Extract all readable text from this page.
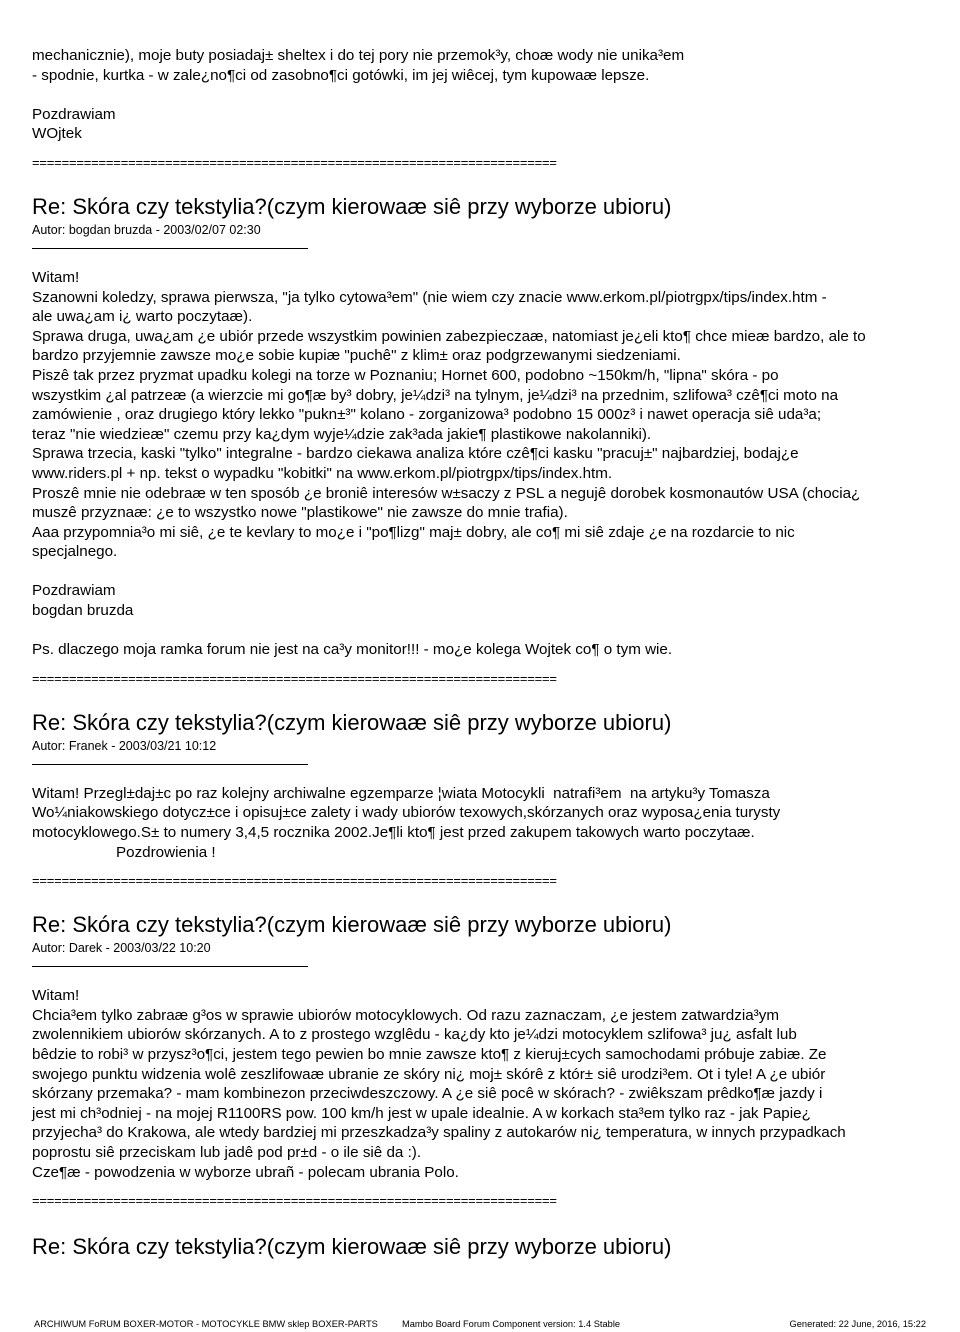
mechanicznie), moje buty posiadaj± sheltex i do tej pory nie przemok³y, choæ wody nie unika³em

- spodnie, kurtka - w zale¿no¶ci od zasobno¶ci gotówki, im jej wiêcej, tym kupowaæ lepsze.

Pozdrawiam

WOjtek

=======================================================================

Re: Skóra czy tekstylia?(czym kierowaæ siê przy wyborze ubioru)

Autor: bogdan bruzda - 2003/02/07 02:30

Witam!

Szanowni koledzy, sprawa pierwsza, "ja tylko cytowa³em" (nie wiem czy znacie www.erkom.pl/piotrgpx/tips/index.htm -

ale uwa¿am i¿ warto poczytaæ).

Sprawa druga, uwa¿am ¿e ubiór przede wszystkim powinien zabezpieczaæ, natomiast je¿eli kto¶ chce mieæ bardzo, ale to

bardzo przyjemnie zawsze mo¿e sobie kupiæ "puchê" z klim± oraz podgrzewanymi siedzeniami.

Piszê tak przez pryzmat upadku kolegi na torze w Poznaniu; Hornet 600, podobno ~150km/h, "lipna" skóra - po

wszystkim ¿al patrzeæ (a wierzcie mi go¶æ by³ dobry, je¼dzi³ na tylnym, je¼dzi³ na przednim, szlifowa³ czê¶ci moto na

zamówienie , oraz drugiego który lekko "pukn±³" kolano - zorganizowa³ podobno 15 000z³ i nawet operacja siê uda³a;

teraz "nie wiedzieæ" czemu przy ka¿dym wyje¼dzie zak³ada jakie¶ plastikowe nakolanniki).

Sprawa trzecia, kaski "tylko" integralne - bardzo ciekawa analiza które czê¶ci kasku "pracuj±" najbardziej, bodaj¿e

www.riders.pl + np. tekst o wypadku "kobitki" na www.erkom.pl/piotrgpx/tips/index.htm.

Proszê mnie nie odebraæ w ten sposób ¿e broniê interesów w±saczy z PSL a negujê dorobek kosmonautów USA (chocia¿

muszê przyznaæ: ¿e to wszystko nowe "plastikowe" nie zawsze do mnie trafia).

Aaa przypomnia³o mi siê, ¿e te kevlary to mo¿e i "po¶lizg" maj± dobry, ale co¶ mi siê zdaje ¿e na rozdarcie to nic

specjalnego.

Pozdrawiam

bogdan bruzda

Ps. dlaczego moja ramka forum nie jest na ca³y monitor!!! - mo¿e kolega Wojtek co¶ o tym wie.

=======================================================================

Re: Skóra czy tekstylia?(czym kierowaæ siê przy wyborze ubioru)

Autor: Franek - 2003/03/21 10:12

Witam! Przegl±daj±c po raz kolejny archiwalne egzemparze ¦wiata Motocykli  natrafi³em  na artyku³y Tomasza

Wo¼niakowskiego dotycz±ce i opisuj±ce zalety i wady ubiorów texowych,skórzanych oraz wyposa¿enia turysty

motocyklowego.S± to numery 3,4,5 rocznika 2002.Je¶li kto¶ jest przed zakupem takowych warto poczytaæ.

Pozdrowienia !

=======================================================================

Re: Skóra czy tekstylia?(czym kierowaæ siê przy wyborze ubioru)

Autor: Darek - 2003/03/22 10:20

Witam!

Chcia³em tylko zabraæ g³os w sprawie ubiorów motocyklowych. Od razu zaznaczam, ¿e jestem zatwardzia³ym

zwolennikiem ubiorów skórzanych. A to z prostego wzglêdu - ka¿dy kto je¼dzi motocyklem szlifowa³ ju¿ asfalt lub

bêdzie to robi³ w przysz³o¶ci, jestem tego pewien bo mnie zawsze kto¶ z kieruj±cych samochodami próbuje zabiæ. Ze

swojego punktu widzenia wolê zeszlifowaæ ubranie ze skóry ni¿ moj± skórê z któr± siê urodzi³em. Ot i tyle! A ¿e ubiór

skórzany przemaka? - mam kombinezon przeciwdeszczowy. A ¿e siê pocê w skórach? - zwiêkszam prêdko¶æ jazdy i

jest mi ch³odniej - na mojej R1100RS pow. 100 km/h jest w upale idealnie. A w korkach sta³em tylko raz - jak Papie¿

przyjecha³ do Krakowa, ale wtedy bardziej mi przeszkadza³y spaliny z autokarów ni¿ temperatura, w innych przypadkach

poprostu siê przeciskam lub jadê pod pr±d - o ile siê da :).

Cze¶æ - powodzenia w wyborze ubrañ - polecam ubrania Polo.

=======================================================================

Re: Skóra czy tekstylia?(czym kierowaæ siê przy wyborze ubioru)

ARCHIWUM FoRUM BOXER-MOTOR - MOTOCYKLE BMW sklep BOXER-PARTS	Mambo Board Forum Component version: 1.4 Stable	Generated: 22 June, 2016, 15:22
